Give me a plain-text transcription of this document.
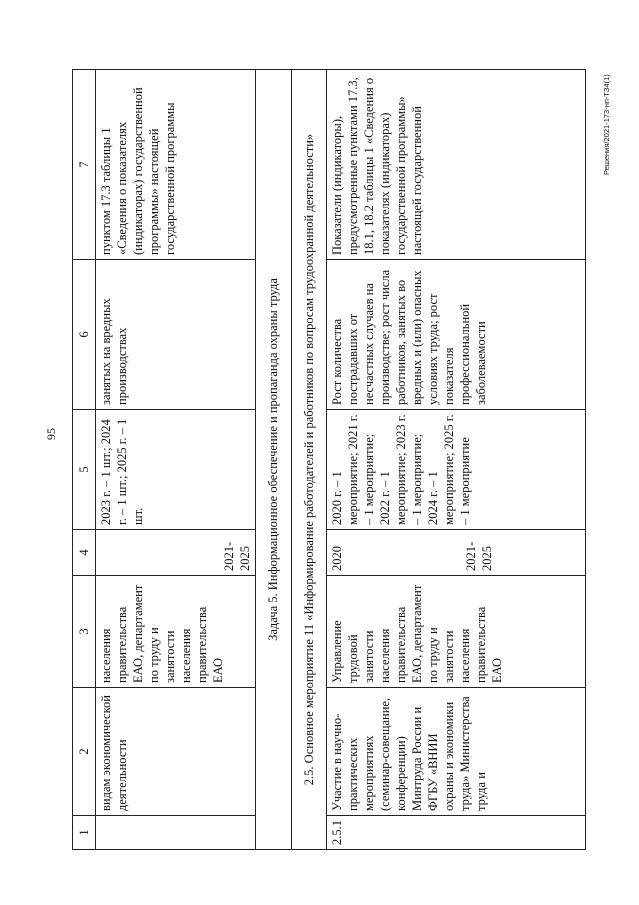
95
Решения/2021-173-нп-ТЗ4(1)
1	2	3	4	5	6	7
	видам экономической деятельности	населения правительства ЕАО, департамент по труду и занятости населения правительства ЕАО	2021-2025	2023 г. – 1 шт.; 2024 г. – 1 шт.; 2025 г. – 1 шт.	занятых на вредных производствах	пунктом 17.3 таблицы 1 «Сведения о показателях (индикаторах) государственной программы» настоящей государственной программы
Задача 5. Информационное обеспечение и пропаганда охраны труда						
2.5. Основное мероприятие 11 «Информирование работодателей и работников по вопросам трудоохранной деятельности»						
2.5.1	Участие в научно-практических мероприятиях (семинар-совещание, конференции) Минтруда России и ФГБУ «ВНИИ охраны и экономики труда» Министерства труда и	Управление трудовой занятости населения правительства ЕАО, департамент по труду и занятости населения правительства ЕАО	2020 2021-2025	2020 г. – 1 мероприятие; 2021 г. – 1 мероприятие; 2022 г. – 1 мероприятие; 2023 г. – 1 мероприятие; 2024 г. – 1 мероприятие; 2025 г. – 1 мероприятие	Рост количества пострадавших от несчастных случаев на производстве; рост числа работников, занятых во вредных и (или) опасных условиях труда; рост показателя профессиональной заболеваемости	Показатели (индикаторы), предусмотренные пунктами 17.3, 18.1, 18.2 таблицы 1 «Сведения о показателях (индикаторах) государственной программы» настоящей государственной
